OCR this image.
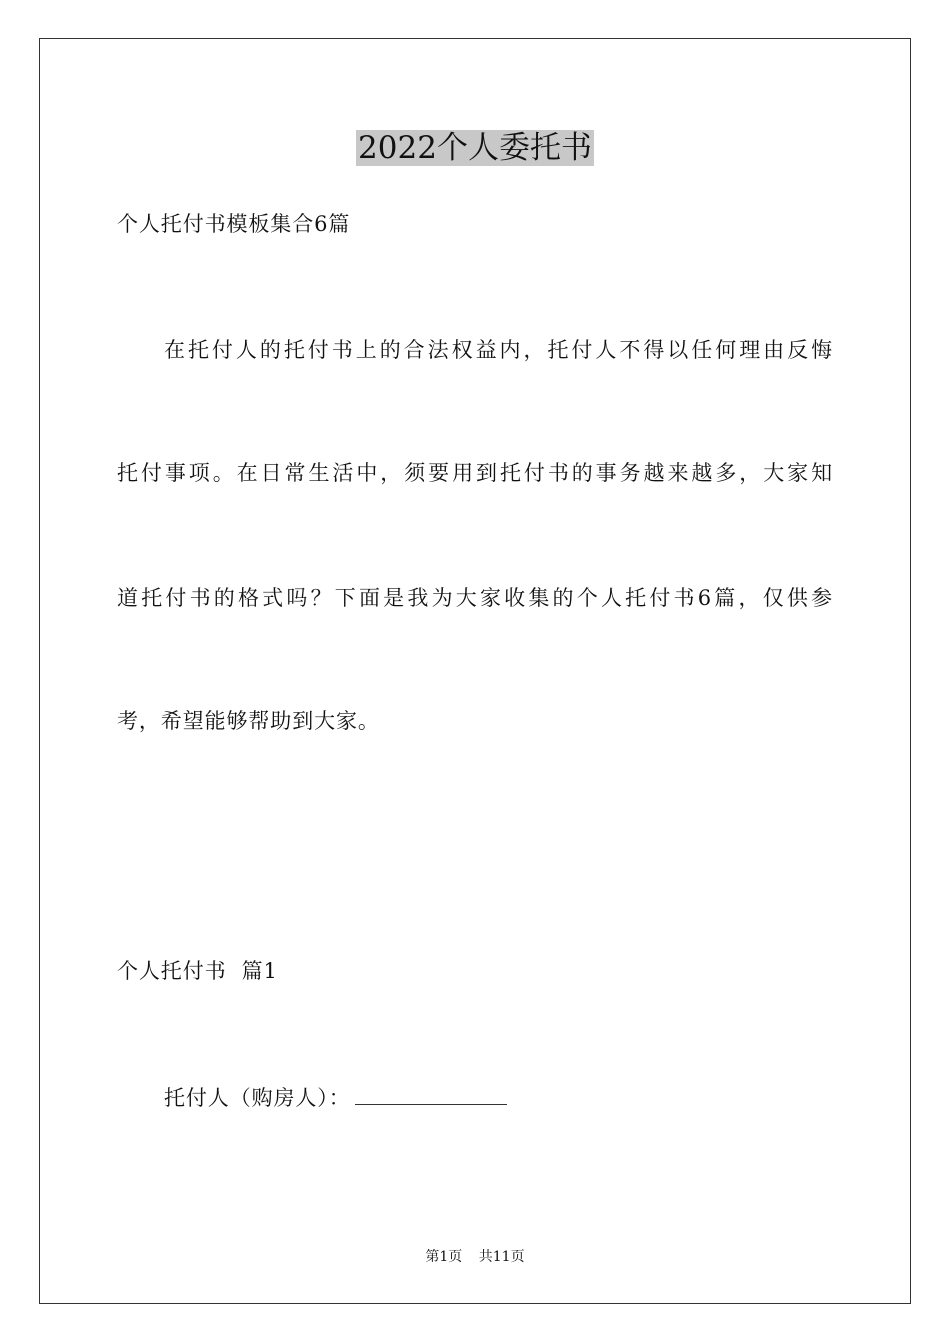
2022个人委托书
个人托付书模板集合6篇
在托付人的托付书上的合法权益内，托付人不得以任何理由反悔
托付事项。在日常生活中，须要用到托付书的事务越来越多，大家知
道托付书的格式吗？下面是我为大家收集的个人托付书6篇，仅供参
考，希望能够帮助到大家。
个人托付书  篇1
托付人（购房人）：
第1页 共11页
